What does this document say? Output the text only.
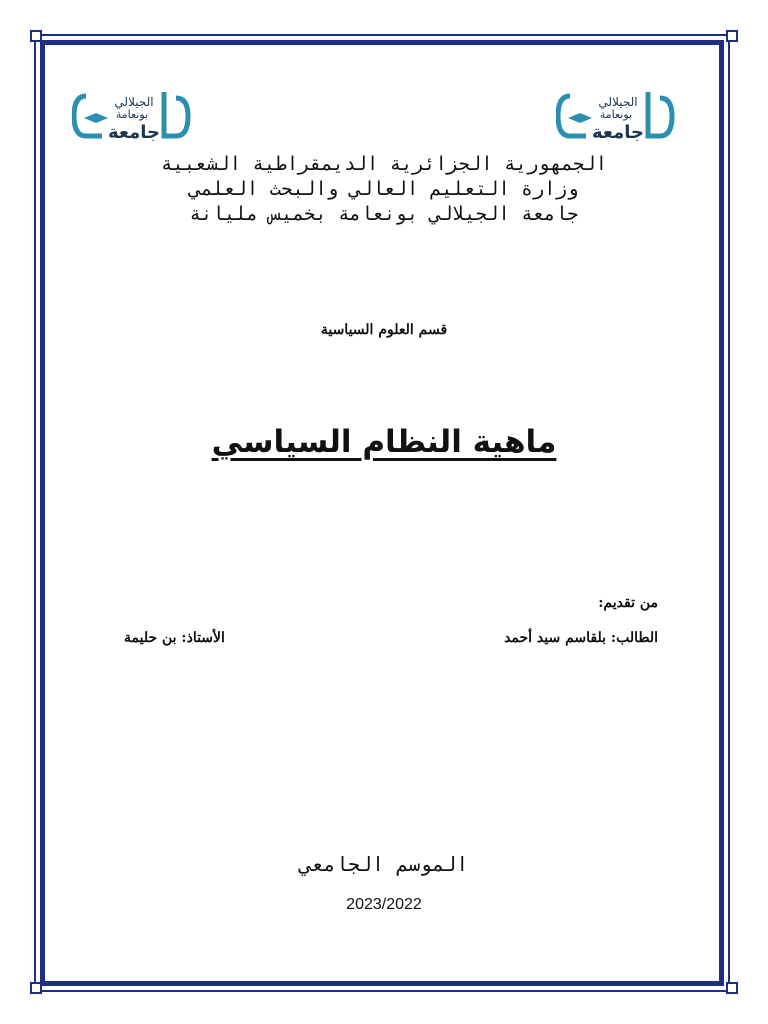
الجيلالي
بونعامة
جامعة
الجيلالي
بونعامة
جامعة
الجمهورية الجزائرية الديمقراطية الشعبية
وزارة التعليم العالي والبحث العلمي
جامعة الجيلالي بونعامة بخميس مليانة
قسم العلوم السياسية
ماهية النظام السياسي
من تقديم:
الطالب: بلقاسم سيد أحمد
الأستاذ: بن حليمة
الموسم الجامعي
2023/2022
